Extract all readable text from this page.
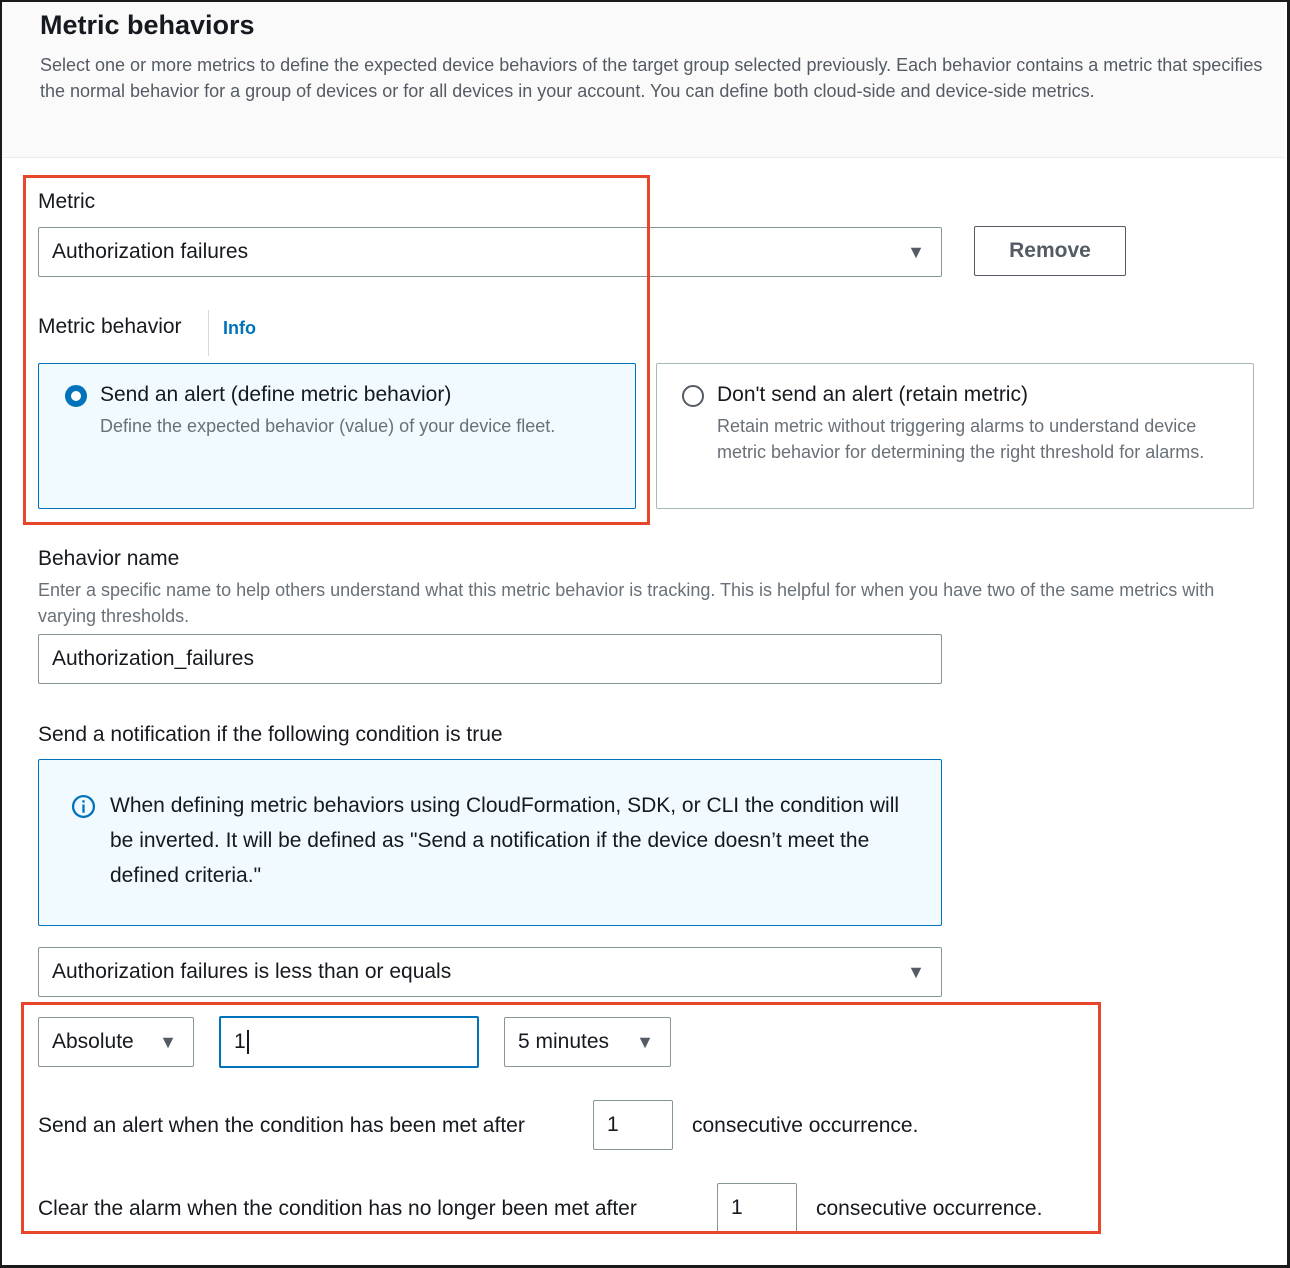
Metric behaviors
Select one or more metrics to define the expected device behaviors of the target group selected previously. Each behavior contains a metric that specifies the normal behavior for a group of devices or for all devices in your account. You can define both cloud-side and device-side metrics.
Metric
Authorization failures	▼	Remove
Metric behavior Info
Send an alert (define metric behavior)
Define the expected behavior (value) of your device fleet.
Don't send an alert (retain metric)
Retain metric without triggering alarms to understand device metric behavior for determining the right threshold for alarms.
Behavior name
Enter a specific name to help others understand what this metric behavior is tracking. This is helpful for when you have two of the same metrics with varying thresholds.
Authorization_failures
Send a notification if the following condition is true
When defining metric behaviors using CloudFormation, SDK, or CLI the condition will be inverted. It will be defined as "Send a notification if the device doesn’t meet the defined criteria."
Authorization failures is less than or equals	▼
Absolute ▼	1	5 minutes ▼
Send an alert when the condition has been met after	1	consecutive occurrence.
Clear the alarm when the condition has no longer been met after	1	consecutive occurrence.
